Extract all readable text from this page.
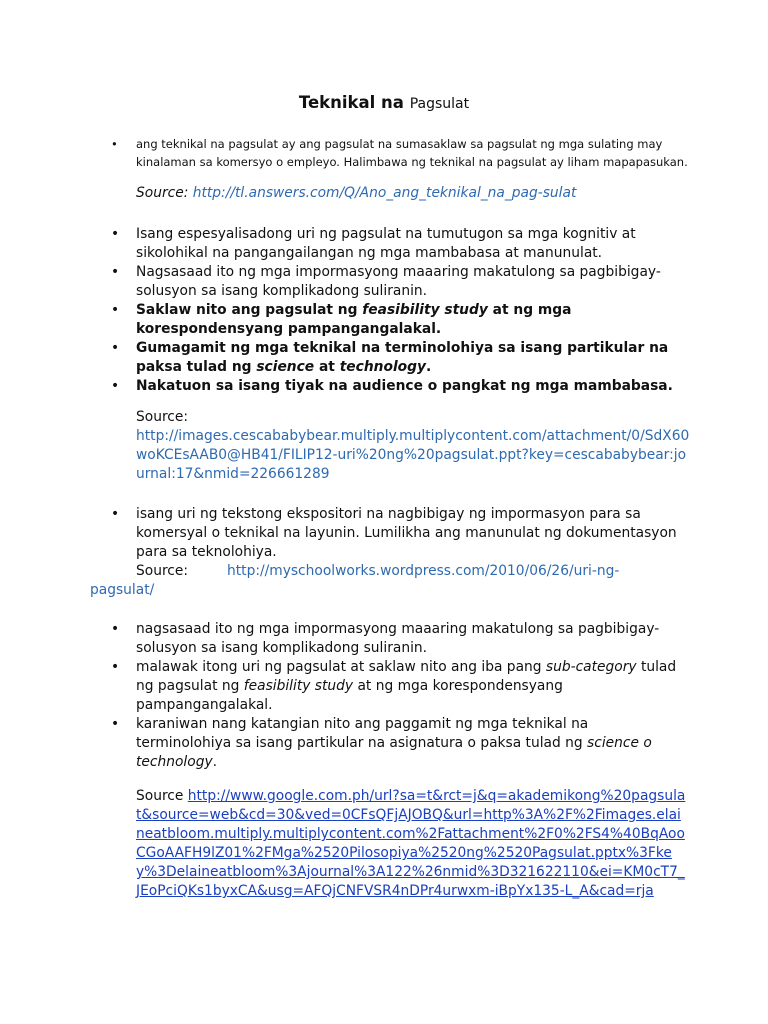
Teknikal na Pagsulat
• ang teknikal na pagsulat ay ang pagsulat na sumasaklaw sa pagsulat ng mga sulating may kinalaman sa komersyo o empleyo. Halimbawa ng teknikal na pagsulat ay liham mapapasukan.
Source: http://tl.answers.com/Q/Ano_ang_teknikal_na_pag-sulat
• Isang espesyalisadong uri ng pagsulat na tumutugon sa mga kognitiv at sikolohikal na pangangailangan ng mga mambabasa at manunulat.
• Nagsasaad ito ng mga impormasyong maaaring makatulong sa pagbibigay-solusyon sa isang komplikadong suliranin.
• Saklaw nito ang pagsulat ng feasibility study at ng mga korespondensyang pampangangalakal.
• Gumagamit ng mga teknikal na terminolohiya sa isang partikular na paksa tulad ng science at technology.
• Nakatuon sa isang tiyak na audience o pangkat ng mga mambabasa.
Source:
http://images.cescababybear.multiply.multiplycontent.com/attachment/0/SdX60woKCEsAAB0@HB41/FILIP12-uri%20ng%20pagsulat.ppt?key=cescababybear:journal:17&nmid=226661289
• isang uri ng tekstong ekspositori na nagbibigay ng impormasyon para sa komersyal o teknikal na layunin. Lumilikha ang manunulat ng dokumentasyon para sa teknolohiya.
Source:	http://myschoolworks.wordpress.com/2010/06/26/uri-ng-
pagsulat/
• nagsasaad ito ng mga impormasyong maaaring makatulong sa pagbibigay-solusyon sa isang komplikadong suliranin.
• malawak itong uri ng pagsulat at saklaw nito ang iba pang sub-category tulad ng pagsulat ng feasibility study at ng mga korespondensyang pampangangalakal.
• karaniwan nang katangian nito ang paggamit ng mga teknikal na terminolohiya sa isang partikular na asignatura o paksa tulad ng science o technology.
Source http://www.google.com.ph/url?sa=t&rct=j&q=akademikong%20pagsulat&source=web&cd=30&ved=0CFsQFjAJOBQ&url=http%3A%2F%2Fimages.elaineatbloom.multiply.multiplycontent.com%2Fattachment%2F0%2FS4%40BqAooCGoAAFH9lZ01%2FMga%2520Pilosopiya%2520ng%2520Pagsulat.pptx%3Fkey%3Delaineatbloom%3Ajournal%3A122%26nmid%3D321622110&ei=KM0cT7_JEoPciQKs1byxCA&usg=AFQjCNFVSR4nDPr4urwxm-iBpYx135-L_A&cad=rja
